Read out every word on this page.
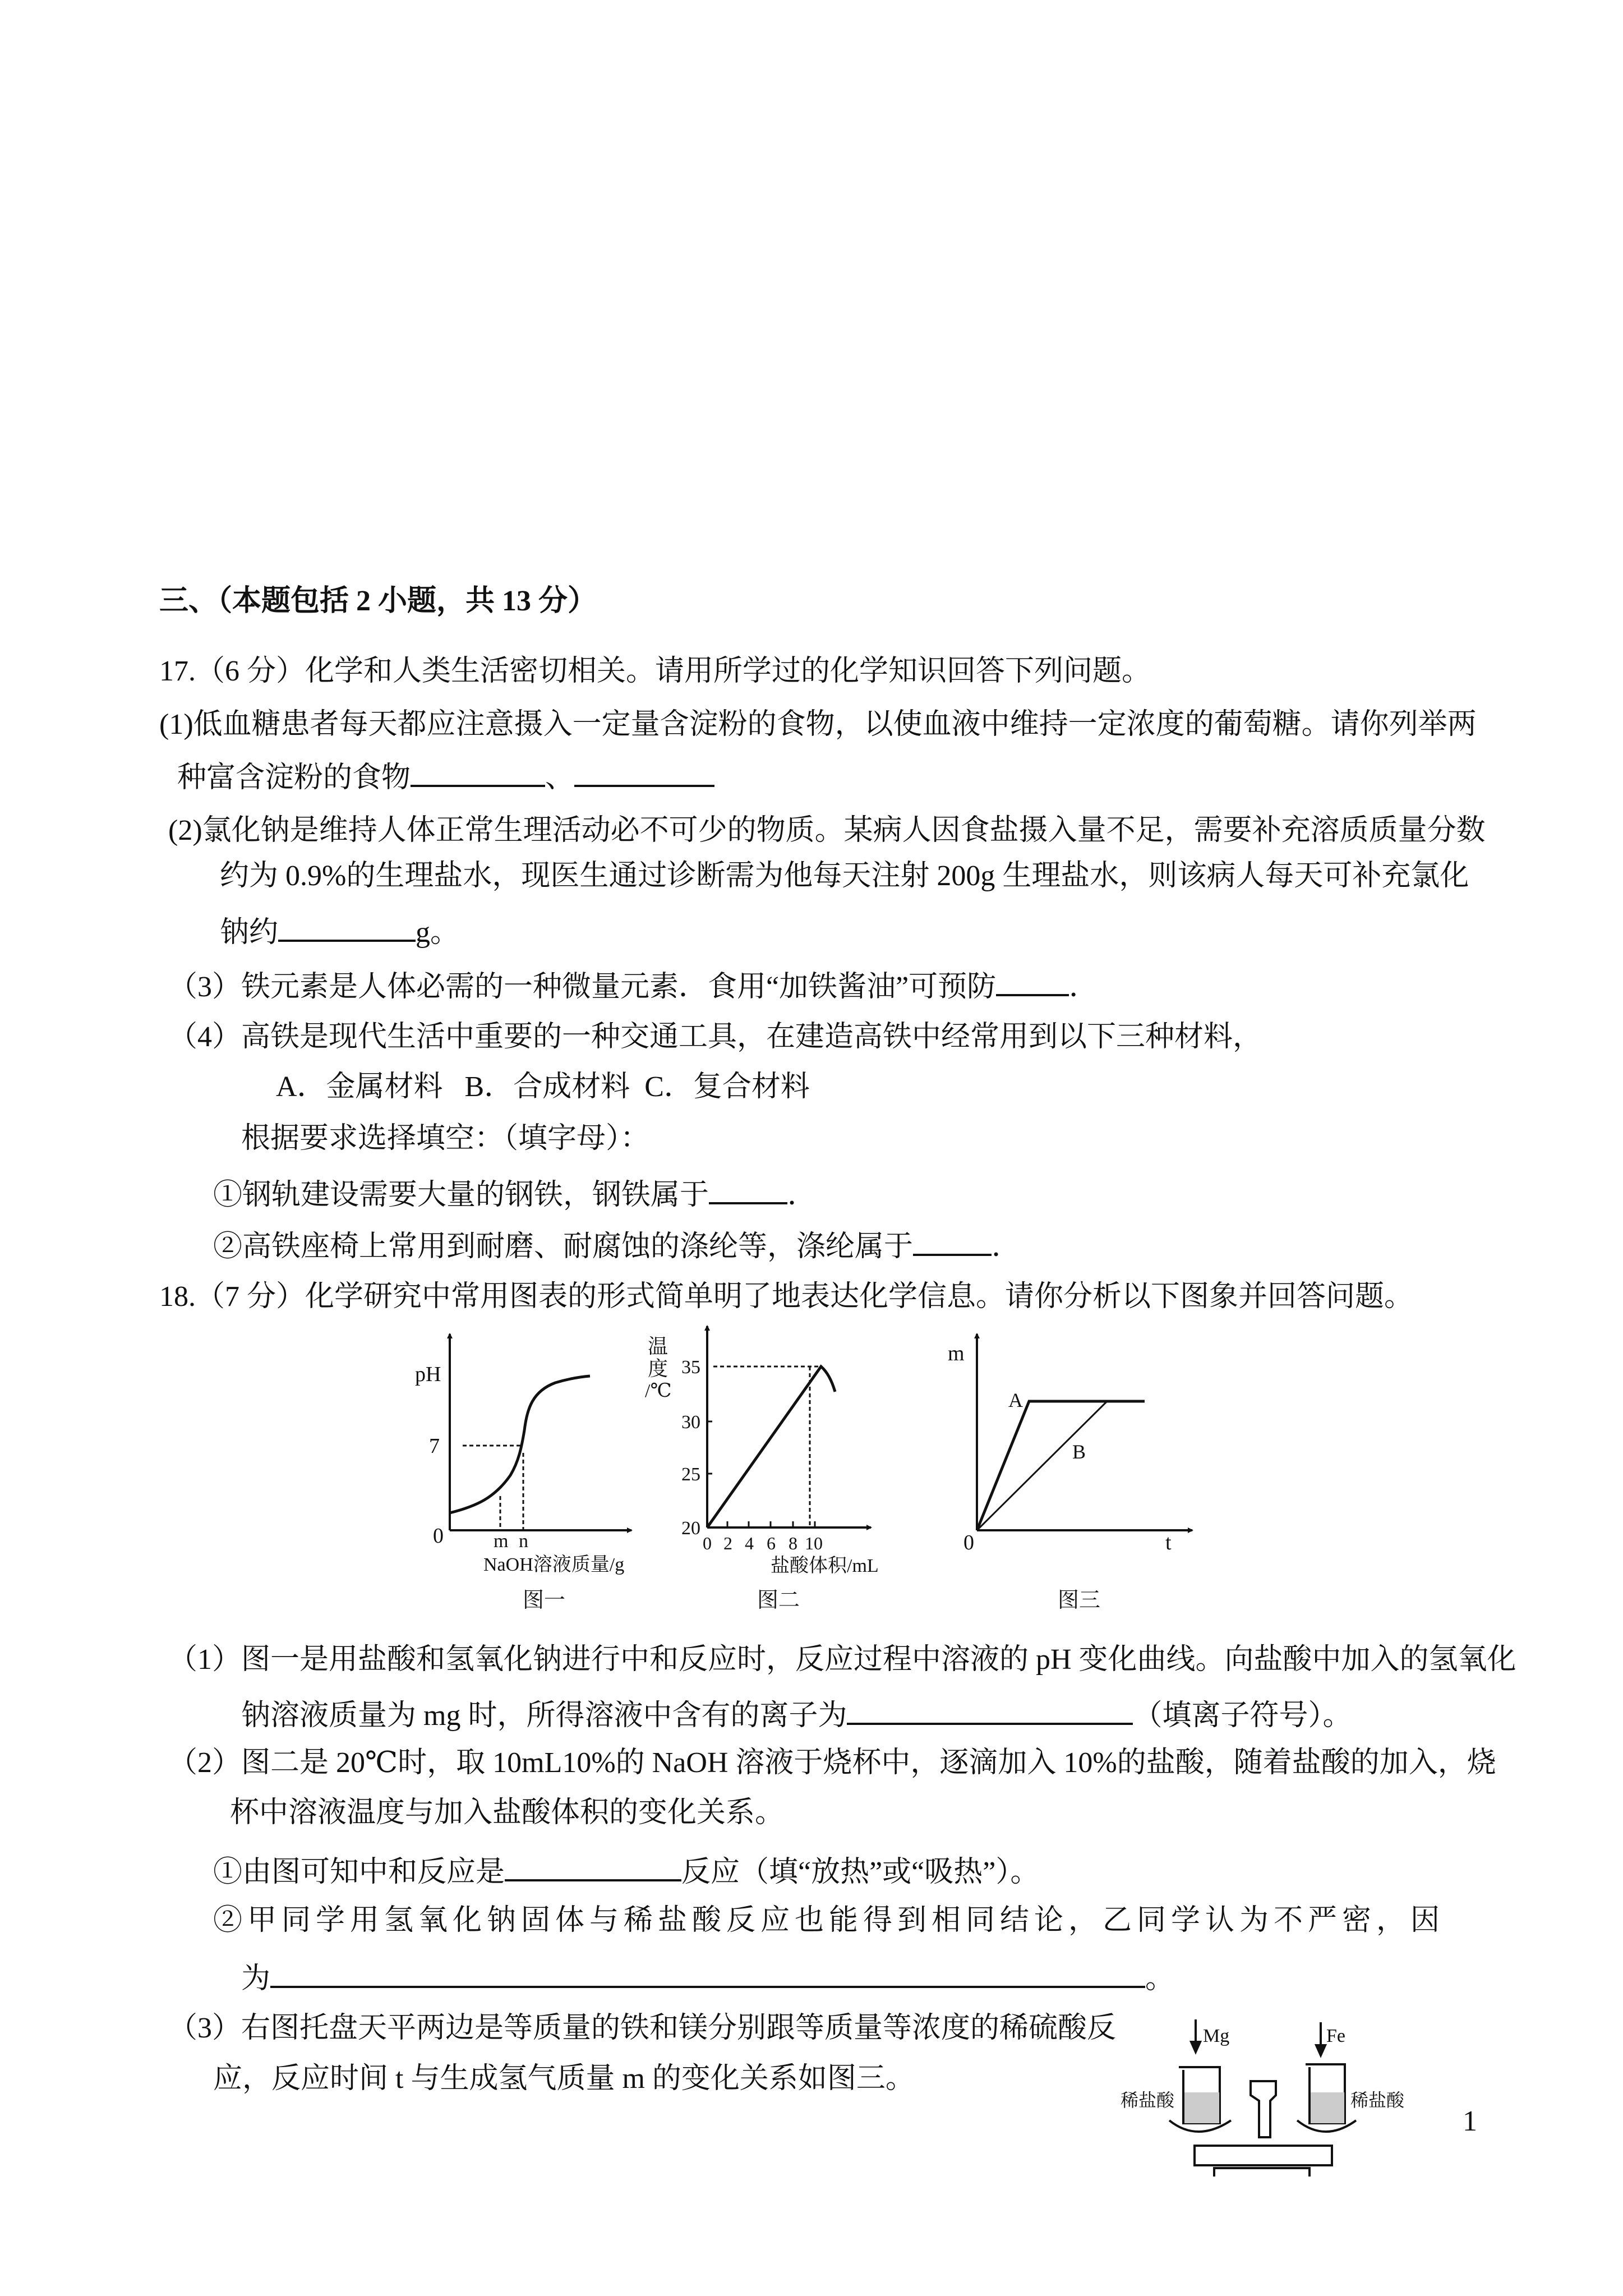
三、（本题包括 2 小题，共 13 分）
17.（6 分）化学和人类生活密切相关。请用所学过的化学知识回答下列问题。
(1)低血糖患者每天都应注意摄入一定量含淀粉的食物，以使血液中维持一定浓度的葡萄糖。请你列举两
种富含淀粉的食物	、
(2)氯化钠是维持人体正常生理活动必不可少的物质。某病人因食盐摄入量不足，需要补充溶质质量分数
约为 0.9%的生理盐水，现医生通过诊断需为他每天注射 200g 生理盐水，则该病人每天可补充氯化
钠约	g。
（3）铁元素是人体必需的一种微量元素．食用“加铁酱油”可预防	．
（4）高铁是现代生活中重要的一种交通工具，在建造高铁中经常用到以下三种材料，
A．金属材料   B．合成材料  C．复合材料
根据要求选择填空：（填字母）：
①钢轨建设需要大量的钢铁，钢铁属于	．
②高铁座椅上常用到耐磨、耐腐蚀的涤纶等，涤纶属于	．
18.（7 分）化学研究中常用图表的形式简单明了地表达化学信息。请你分析以下图象并回答问题。
pH
7
0	m n
NaOH溶液质量/g
图一
温
度
/℃
35
30
25
20
0 2 4 6 8 10
盐酸体积/mL
图二
m
A
B
0	t
图三
（1）图一是用盐酸和氢氧化钠进行中和反应时，反应过程中溶液的 pH 变化曲线。向盐酸中加入的氢氧化
钠溶液质量为 mg 时，所得溶液中含有的离子为	（填离子符号）。
（2）图二是 20℃时，取 10mL10%的 NaOH 溶液于烧杯中，逐滴加入 10%的盐酸，随着盐酸的加入，烧
杯中溶液温度与加入盐酸体积的变化关系。
①由图可知中和反应是	反应（填“放热”或“吸热”）。
②甲同学用氢氧化钠固体与稀盐酸反应也能得到相同结论，乙同学认为不严密，因
为	。
（3）右图托盘天平两边是等质量的铁和镁分别跟等质量等浓度的稀硫酸反
应，反应时间 t 与生成氢气质量 m 的变化关系如图三。
Mg	Fe
稀盐酸	稀盐酸
1
